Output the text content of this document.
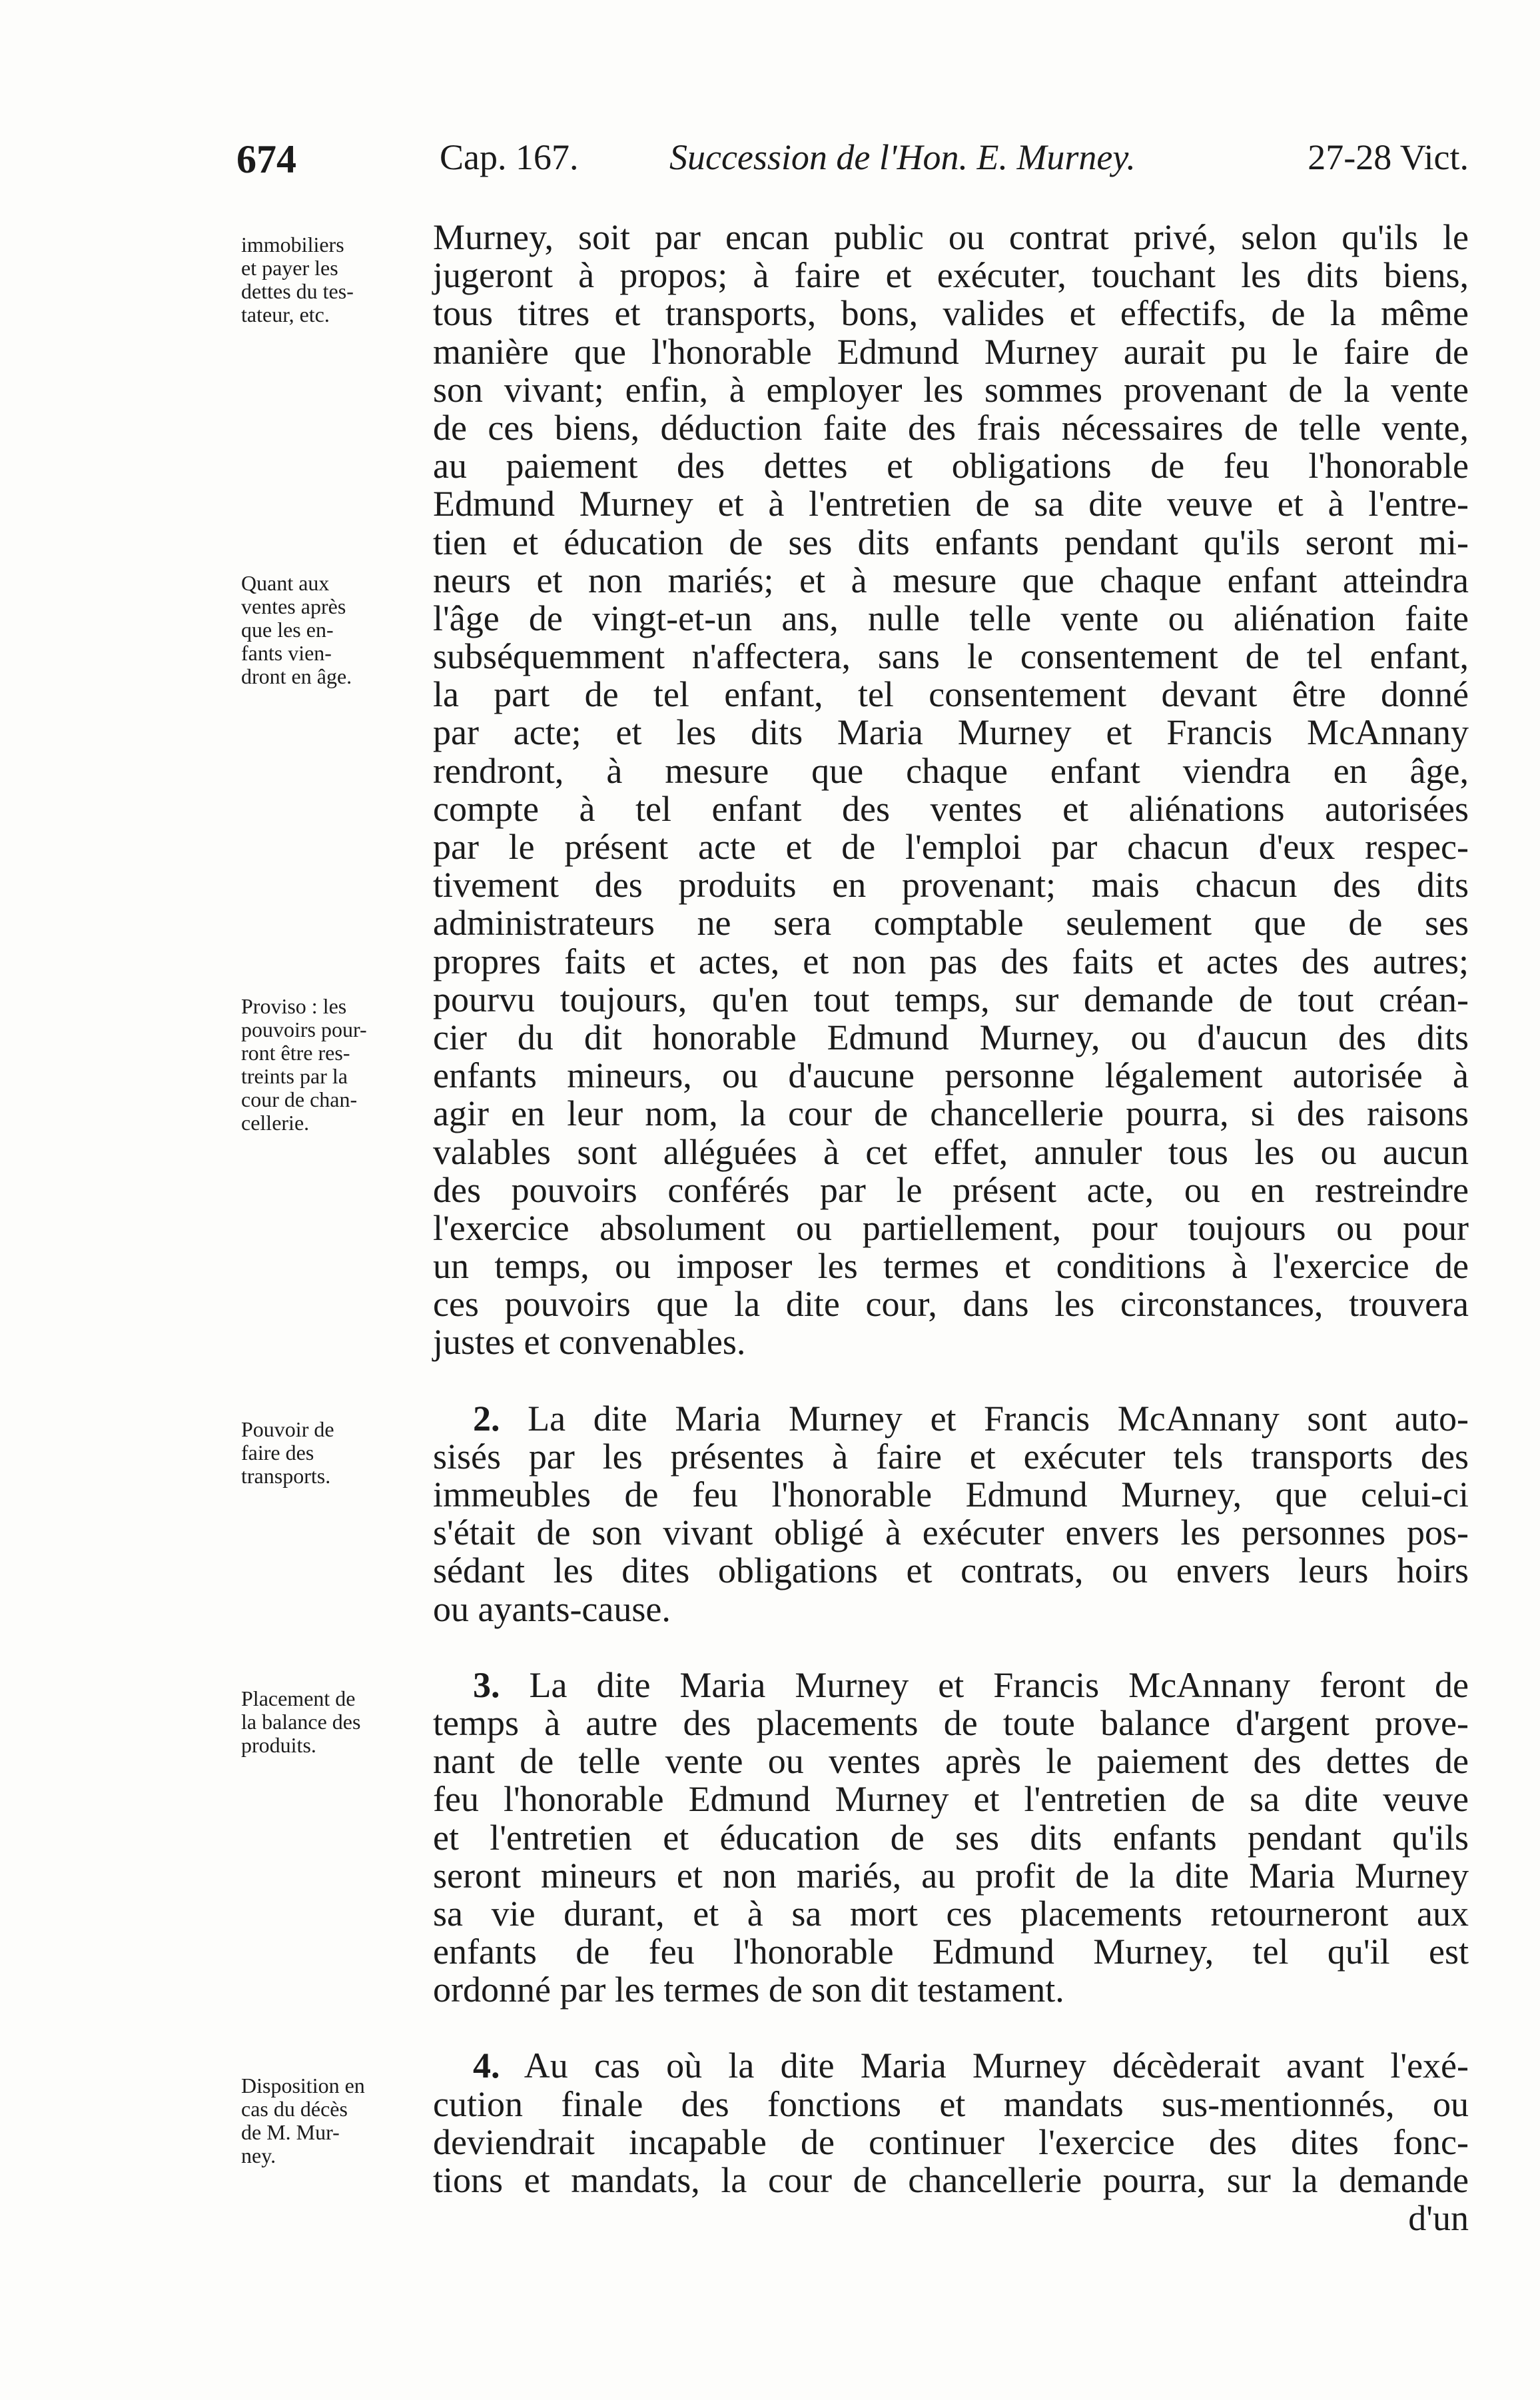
674	Cap. 167.	Succession de l'Hon. E. Murney.	27-28 Vict.
immobiliers
et payer les
dettes du tes-
tateur, etc.
Quant aux
ventes après
que les en-
fants vien-
dront en âge.
Proviso : les
pouvoirs pour-
ront être res-
treints par la
cour de chan-
cellerie.
Pouvoir de
faire des
transports.
Placement de
la balance des
produits.
Disposition en
cas du décès
de M. Mur-
ney.
Murney, soit par encan public ou contrat privé, selon qu'ils le
jugeront à propos; à faire et exécuter, touchant les dits biens,
tous titres et transports, bons, valides et effectifs, de la même
manière que l'honorable Edmund Murney aurait pu le faire de
son vivant; enfin, à employer les sommes provenant de la vente
de ces biens, déduction faite des frais nécessaires de telle vente,
au paiement des dettes et obligations de feu l'honorable
Edmund Murney et à l'entretien de sa dite veuve et à l'entre-
tien et éducation de ses dits enfants pendant qu'ils seront mi-
neurs et non mariés; et à mesure que chaque enfant atteindra
l'âge de vingt-et-un ans, nulle telle vente ou aliénation faite
subséquemment n'affectera, sans le consentement de tel enfant,
la part de tel enfant, tel consentement devant être donné
par acte; et les dits Maria Murney et Francis McAnnany
rendront, à mesure que chaque enfant viendra en âge,
compte à tel enfant des ventes et aliénations autorisées
par le présent acte et de l'emploi par chacun d'eux respec-
tivement des produits en provenant; mais chacun des dits
administrateurs ne sera comptable seulement que de ses
propres faits et actes, et non pas des faits et actes des autres;
pourvu toujours, qu'en tout temps, sur demande de tout créan-
cier du dit honorable Edmund Murney, ou d'aucun des dits
enfants mineurs, ou d'aucune personne légalement autorisée à
agir en leur nom, la cour de chancellerie pourra, si des raisons
valables sont alléguées à cet effet, annuler tous les ou aucun
des pouvoirs conférés par le présent acte, ou en restreindre
l'exercice absolument ou partiellement, pour toujours ou pour
un temps, ou imposer les termes et conditions à l'exercice de
ces pouvoirs que la dite cour, dans les circonstances, trouvera
justes et convenables.
2. La dite Maria Murney et Francis McAnnany sont auto-
sisés par les présentes à faire et exécuter tels transports des
immeubles de feu l'honorable Edmund Murney, que celui-ci
s'était de son vivant obligé à exécuter envers les personnes pos-
sédant les dites obligations et contrats, ou envers leurs hoirs
ou ayants-cause.
3. La dite Maria Murney et Francis McAnnany feront de
temps à autre des placements de toute balance d'argent prove-
nant de telle vente ou ventes après le paiement des dettes de
feu l'honorable Edmund Murney et l'entretien de sa dite veuve
et l'entretien et éducation de ses dits enfants pendant qu'ils
seront mineurs et non mariés, au profit de la dite Maria Murney
sa vie durant, et à sa mort ces placements retourneront aux
enfants de feu l'honorable Edmund Murney, tel qu'il est
ordonné par les termes de son dit testament.
4. Au cas où la dite Maria Murney décèderait avant l'exé-
cution finale des fonctions et mandats sus-mentionnés, ou
deviendrait incapable de continuer l'exercice des dites fonc-
tions et mandats, la cour de chancellerie pourra, sur la demande
d'un
